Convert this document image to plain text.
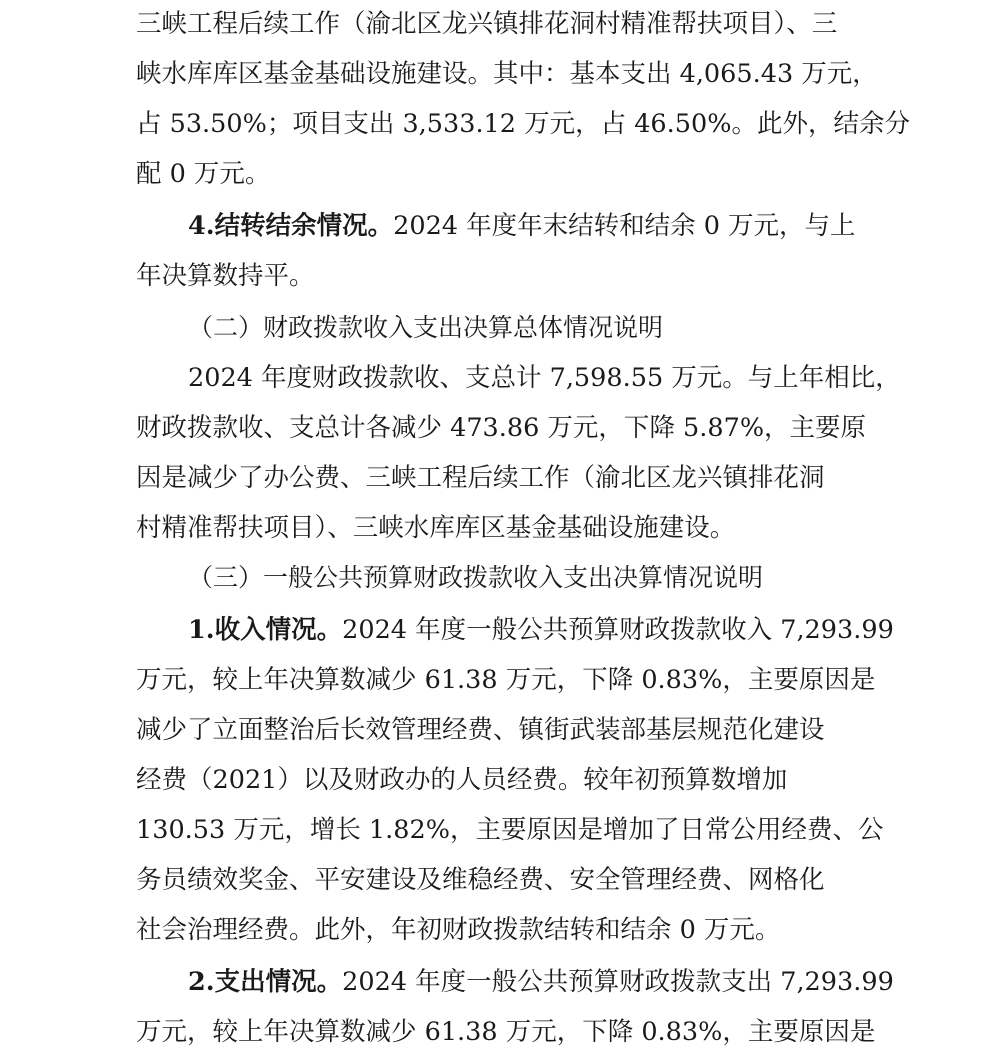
三峡工程后续工作（渝北区龙兴镇排花洞村精准帮扶项目）、三
峡水库库区基金基础设施建设。其中：基本支出 4,065.43 万元，
占 53.50%；项目支出 3,533.12 万元，占 46.50%。此外，结余分
配 0 万元。
4.结转结余情况。2024 年度年末结转和结余 0 万元，与上
年决算数持平。
（二）财政拨款收入支出决算总体情况说明
2024 年度财政拨款收、支总计 7,598.55 万元。与上年相比，
财政拨款收、支总计各减少 473.86 万元，下降 5.87%，主要原
因是减少了办公费、三峡工程后续工作（渝北区龙兴镇排花洞
村精准帮扶项目）、三峡水库库区基金基础设施建设。
（三）一般公共预算财政拨款收入支出决算情况说明
1.收入情况。2024 年度一般公共预算财政拨款收入 7,293.99
万元，较上年决算数减少 61.38 万元，下降 0.83%，主要原因是
减少了立面整治后长效管理经费、镇街武装部基层规范化建设
经费（2021）以及财政办的人员经费。较年初预算数增加
130.53 万元，增长 1.82%，主要原因是增加了日常公用经费、公
务员绩效奖金、平安建设及维稳经费、安全管理经费、网格化
社会治理经费。此外，年初财政拨款结转和结余 0 万元。
2.支出情况。2024 年度一般公共预算财政拨款支出 7,293.99
万元，较上年决算数减少 61.38 万元，下降 0.83%，主要原因是
